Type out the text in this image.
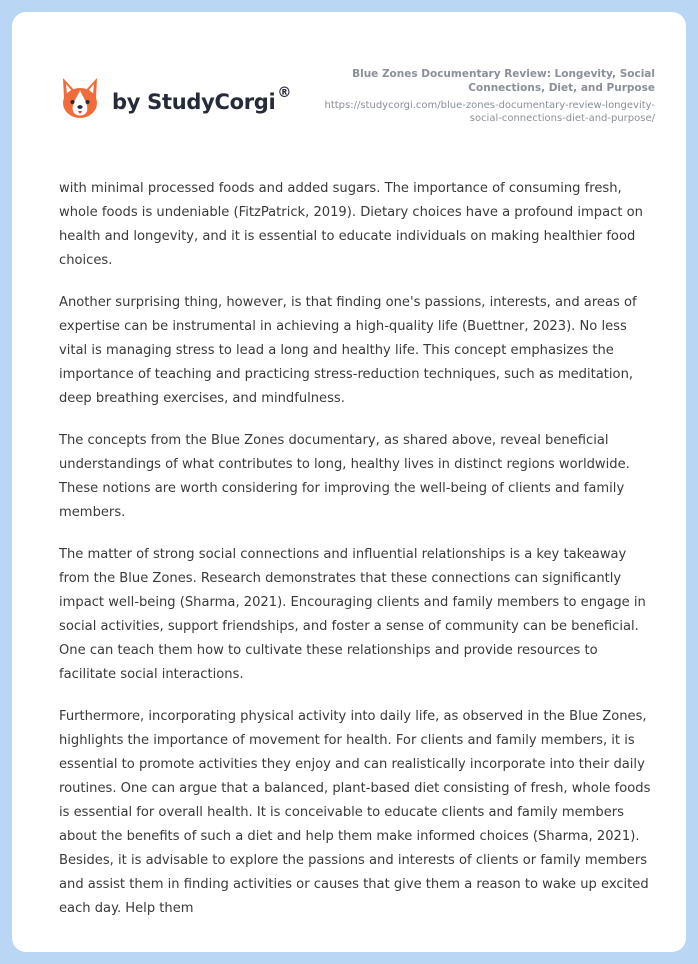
by StudyCorgi ®
Blue Zones Documentary Review: Longevity, Social Connections, Diet, and Purpose
https://studycorgi.com/blue-zones-documentary-review-longevity-social-connections-diet-and-purpose/

with minimal processed foods and added sugars. The importance of consuming fresh, whole foods is undeniable (FitzPatrick, 2019). Dietary choices have a profound impact on health and longevity, and it is essential to educate individuals on making healthier food choices.

Another surprising thing, however, is that finding one's passions, interests, and areas of expertise can be instrumental in achieving a high-quality life (Buettner, 2023). No less vital is managing stress to lead a long and healthy life. This concept emphasizes the importance of teaching and practicing stress-reduction techniques, such as meditation, deep breathing exercises, and mindfulness.

The concepts from the Blue Zones documentary, as shared above, reveal beneficial understandings of what contributes to long, healthy lives in distinct regions worldwide. These notions are worth considering for improving the well-being of clients and family members.

The matter of strong social connections and influential relationships is a key takeaway from the Blue Zones. Research demonstrates that these connections can significantly impact well-being (Sharma, 2021). Encouraging clients and family members to engage in social activities, support friendships, and foster a sense of community can be beneficial. One can teach them how to cultivate these relationships and provide resources to facilitate social interactions.

Furthermore, incorporating physical activity into daily life, as observed in the Blue Zones, highlights the importance of movement for health. For clients and family members, it is essential to promote activities they enjoy and can realistically incorporate into their daily routines. One can argue that a balanced, plant-based diet consisting of fresh, whole foods is essential for overall health. It is conceivable to educate clients and family members about the benefits of such a diet and help them make informed choices (Sharma, 2021). Besides, it is advisable to explore the passions and interests of clients or family members and assist them in finding activities or causes that give them a reason to wake up excited each day. Help them
